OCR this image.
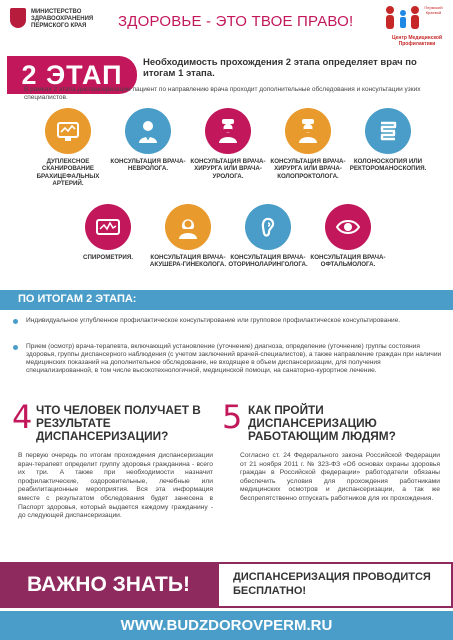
МИНИСТЕРСТВО ЗДРАВООХРАНЕНИЯ ПЕРМСКОГО КРАЯ	ЗДОРОВЬЕ - ЭТО ТВОЕ ПРАВО!
Пермский Краевой
Центр Медицинской Профилактики
2 ЭТАП	Необходимость прохождения 2 этапа определяет врач по итогам 1 этапа.
В рамках 2 этапа диспансеризации пациент по направлению врача проходит дополнительные обследования и консультации узких специалистов.
ДУПЛЕКСНОЕ СКАНИРОВАНИЕ БРАХИЦЕФАЛЬНЫХ АРТЕРИЙ.
КОНСУЛЬТАЦИЯ ВРАЧА-НЕВРОЛОГА.
КОНСУЛЬТАЦИЯ ВРАЧА-ХИРУРГА ИЛИ ВРАЧА-УРОЛОГА.
КОНСУЛЬТАЦИЯ ВРАЧА-ХИРУРГА ИЛИ ВРАЧА-КОЛОПРОКТОЛОГА.
КОЛОНОСКОПИЯ ИЛИ РЕКТОРОМАНОСКОПИЯ.
СПИРОМЕТРИЯ.	КОНСУЛЬТАЦИЯ ВРАЧА-АКУШЕРА-ГИНЕКОЛОГА.
КОНСУЛЬТАЦИЯ ВРАЧА-ОТОРИНОЛАРИНГОЛОГА.
КОНСУЛЬТАЦИЯ ВРАЧА-ОФТАЛЬМОЛОГА.
ПО ИТОГАМ 2 ЭТАПА:
Индивидуальное углубленное профилактическое консультирование или групповое профилактическое консультирование.
Прием (осмотр) врача-терапевта, включающий установление (уточнение) диагноза, определение (уточнение) группы состояния здоровья, группы диспансерного наблюдения (с учетом заключений врачей-специалистов), а также направление граждан при наличии медицинских показаний на дополнительное обследование, не входящее в объем диспансеризации, для получения специализированной, в том числе высокотехнологичной, медицинской помощи, на санаторно-курортное лечение.
4 ЧТО ЧЕЛОВЕК ПОЛУЧАЕТ В РЕЗУЛЬТАТЕ ДИСПАНСЕРИЗАЦИИ?
В первую очередь по итогам прохождения диспансеризации врач-терапевт определит группу здоровья гражданина - всего их три. А также при необходимости назначит профилактические, оздоровительные, лечебные или реабилитационные мероприятия. Вся эта информация вместе с результатом обследования будет занесена в Паспорт здоровья, который выдается каждому гражданину - до следующей диспансеризации.
5 КАК ПРОЙТИ ДИСПАНСЕРИЗАЦИЮ РАБОТАЮЩИМ ЛЮДЯМ?
Согласно ст. 24 Федерального закона Российской Федерации от 21 ноября 2011 г. № 323-ФЗ «Об основах охраны здоровья граждан в Российской федерации» работодатели обязаны обеспечить условия для прохождения работниками медицинских осмотров и диспансеризации, а так же беспрепятственно отпускать работников для их прохождения.
ВАЖНО ЗНАТЬ!	ДИСПАНСЕРИЗАЦИЯ ПРОВОДИТСЯ БЕСПЛАТНО!
WWW.BUDZDOROVPERM.RU
